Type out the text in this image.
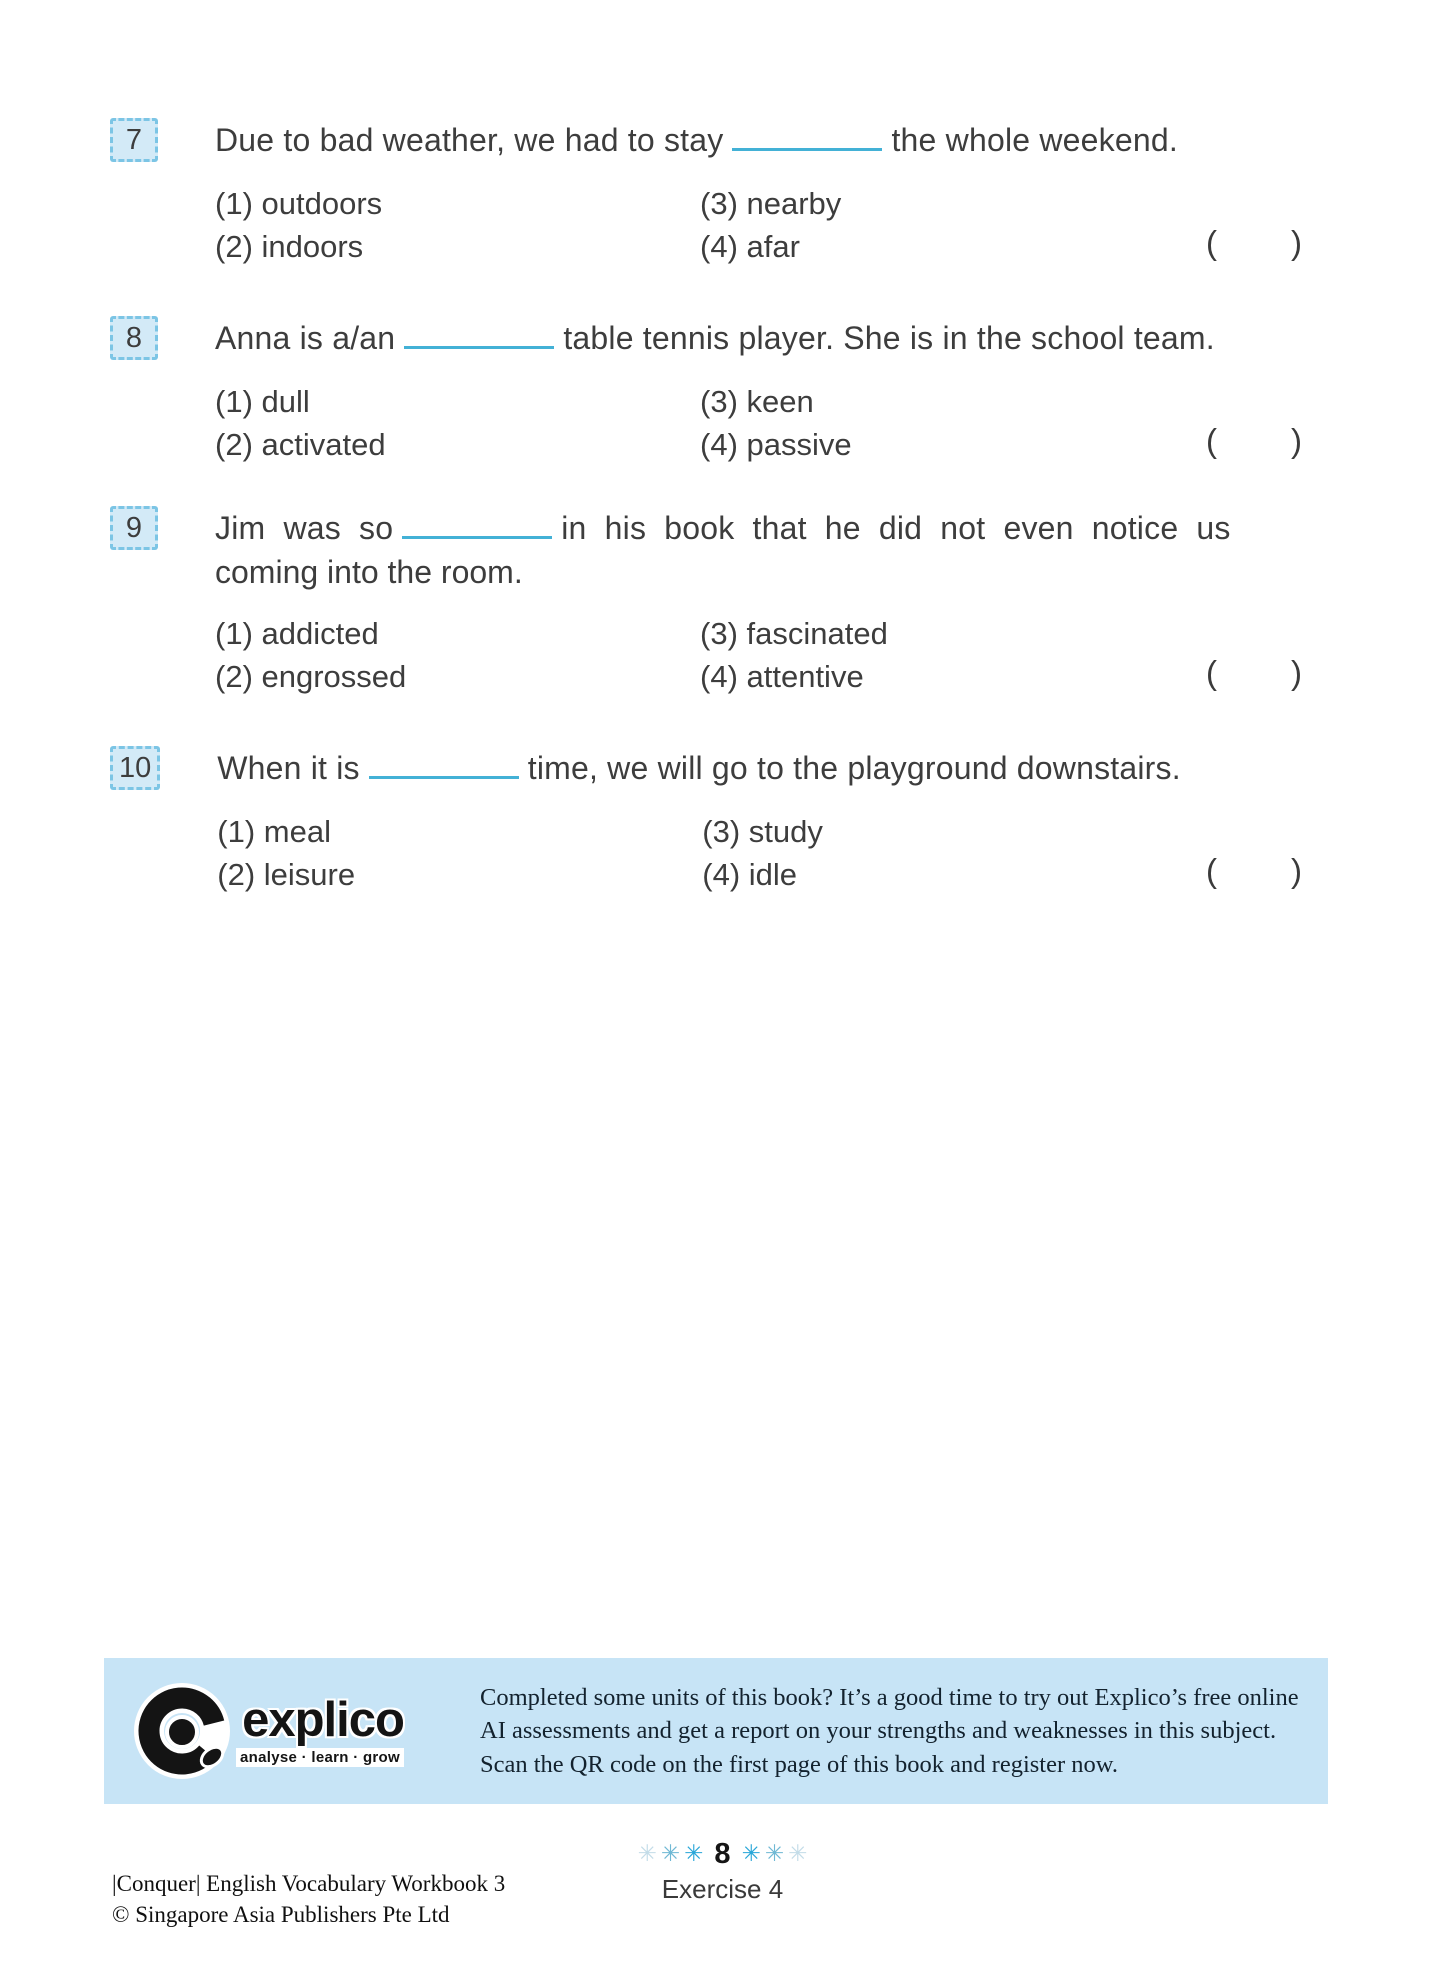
7 Due to bad weather, we had to stay	the whole weekend.
(1) outdoors	(3) nearby
(2) indoors	(4) afar	( )
8 Anna is a/an	table tennis player. She is in the school team.
(1) dull	(3) keen
(2) activated	(4) passive	( )
9 Jim was so	in his book that he did not even notice us
coming into the room.
(1) addicted	(3) fascinated
(2) engrossed	(4) attentive	( )
10 When it is	time, we will go to the playground downstairs.
(1) meal	(3) study
(2) leisure	(4) idle	( )
explico
analyse · learn · grow
Completed some units of this book? It’s a good time to try out Explico’s free online AI assessments and get a report on your strengths and weaknesses in this subject.
Scan the QR code on the first page of this book and register now.
✳ ✳ ✳ 8 ✳ ✳ ✳
Exercise 4
|Conquer| English Vocabulary Workbook 3
© Singapore Asia Publishers Pte Ltd
